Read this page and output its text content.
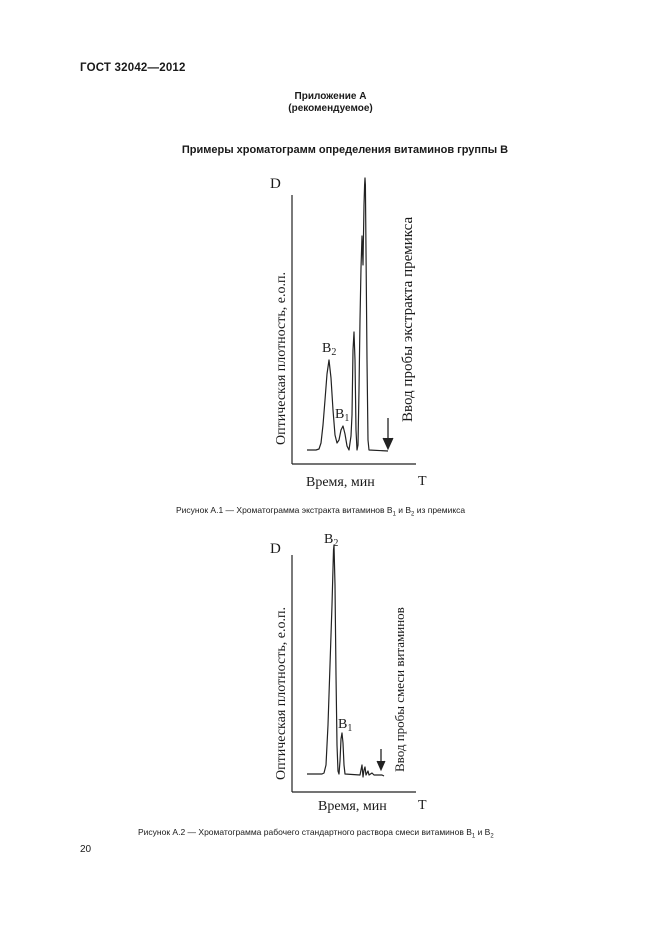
ГОСТ 32042—2012
Приложение А
(рекомендуемое)
Примеры хроматограмм определения витаминов группы В
D
T
Оптическая плотность, е.о.п.
Время, мин
Ввод пробы экстракта премикса
$B_2$
$B_1$
Рисунок А.1 — Хроматограмма экстракта витаминов $В_1$ и $В_2$ из премикса
D
T
Оптическая плотность, е.о.п.
Время, мин
Ввод пробы смеси витаминов
$B_2$
$B_1$
Рисунок А.2 — Хроматограмма рабочего стандартного раствора смеси витаминов $В_1$ и $В_2$
20
